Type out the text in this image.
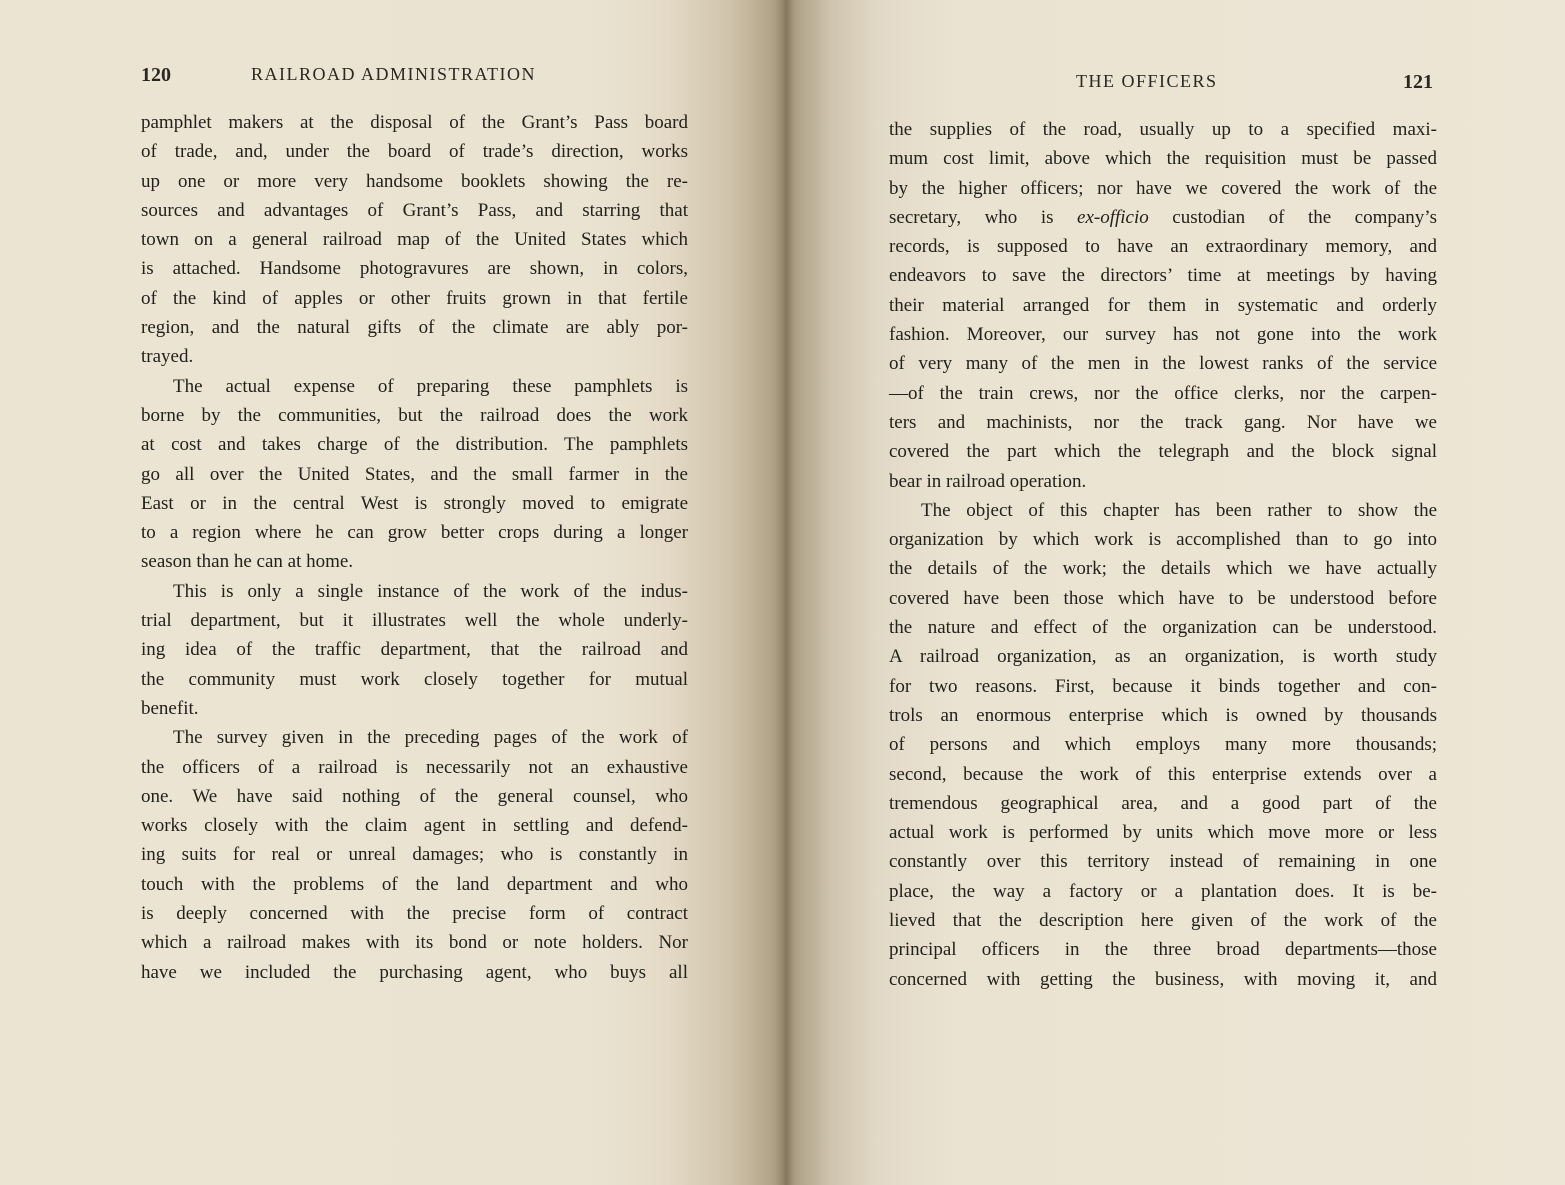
120	RAILROAD ADMINISTRATION
pamphlet makers at the disposal of the Grant’s Pass board
of trade, and, under the board of trade’s direction, works
up one or more very handsome booklets showing the re-
sources and advantages of Grant’s Pass, and starring that
town on a general railroad map of the United States which
is attached. Handsome photogravures are shown, in colors,
of the kind of apples or other fruits grown in that fertile
region, and the natural gifts of the climate are ably por-
trayed.
The actual expense of preparing these pamphlets is
borne by the communities, but the railroad does the work
at cost and takes charge of the distribution. The pamphlets
go all over the United States, and the small farmer in the
East or in the central West is strongly moved to emigrate
to a region where he can grow better crops during a longer
season than he can at home.
This is only a single instance of the work of the indus-
trial department, but it illustrates well the whole underly-
ing idea of the traffic department, that the railroad and
the community must work closely together for mutual
benefit.
The survey given in the preceding pages of the work of
the officers of a railroad is necessarily not an exhaustive
one. We have said nothing of the general counsel, who
works closely with the claim agent in settling and defend-
ing suits for real or unreal damages; who is constantly in
touch with the problems of the land department and who
is deeply concerned with the precise form of contract
which a railroad makes with its bond or note holders. Nor
have we included the purchasing agent, who buys all
THE OFFICERS	121
the supplies of the road, usually up to a specified maxi-
mum cost limit, above which the requisition must be passed
by the higher officers; nor have we covered the work of the
secretary, who is ex-officio custodian of the company’s
records, is supposed to have an extraordinary memory, and
endeavors to save the directors’ time at meetings by having
their material arranged for them in systematic and orderly
fashion. Moreover, our survey has not gone into the work
of very many of the men in the lowest ranks of the service
—of the train crews, nor the office clerks, nor the carpen-
ters and machinists, nor the track gang. Nor have we
covered the part which the telegraph and the block signal
bear in railroad operation.
The object of this chapter has been rather to show the
organization by which work is accomplished than to go into
the details of the work; the details which we have actually
covered have been those which have to be understood before
the nature and effect of the organization can be understood.
A railroad organization, as an organization, is worth study
for two reasons. First, because it binds together and con-
trols an enormous enterprise which is owned by thousands
of persons and which employs many more thousands;
second, because the work of this enterprise extends over a
tremendous geographical area, and a good part of the
actual work is performed by units which move more or less
constantly over this territory instead of remaining in one
place, the way a factory or a plantation does. It is be-
lieved that the description here given of the work of the
principal officers in the three broad departments—those
concerned with getting the business, with moving it, and
